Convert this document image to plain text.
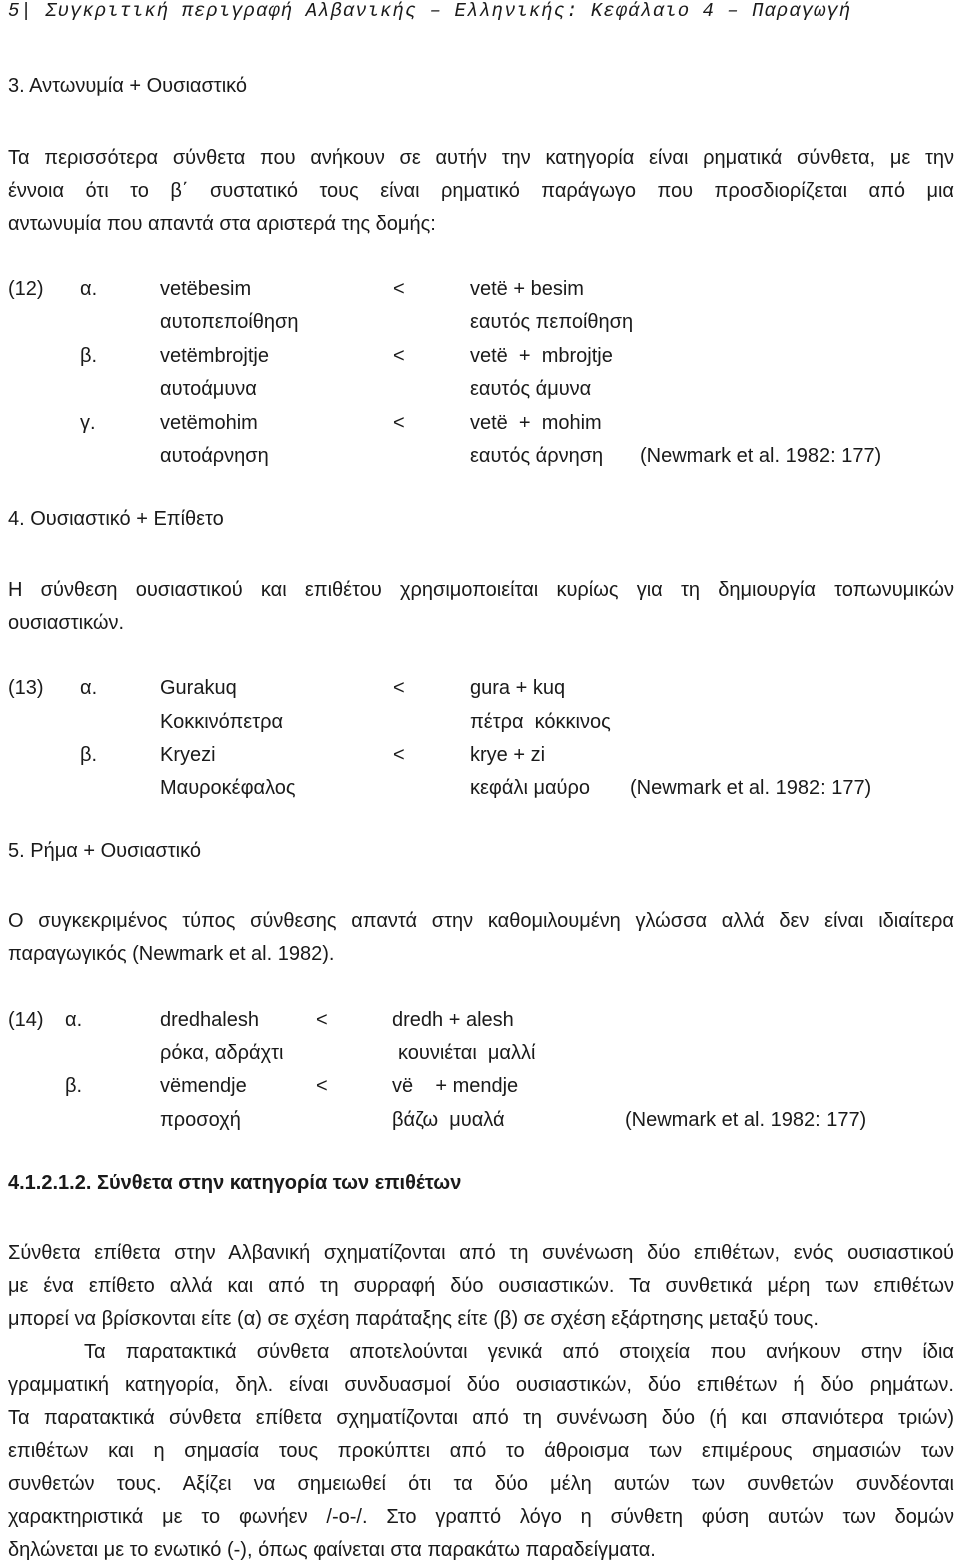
5| Συγκριτική περιγραφή Αλβανικής – Ελληνικής: Κεφάλαιο 4 – Παραγωγή
3. Αντωνυμία + Ουσιαστικό
Τα περισσότερα σύνθετα που ανήκουν σε αυτήν την κατηγορία είναι ρηματικά σύνθετα, με την
έννοια ότι το β΄ συστατικό τους είναι ρηματικό παράγωγο που προσδιορίζεται από μια
αντωνυμία που απαντά στα αριστερά της δομής:
(12) α.	vetëbesim	<	vetë + besim
αυτοπεποίθηση	εαυτός πεποίθηση
β.	vetëmbrojtje	<	vetë  +  mbrojtje
αυτοάμυνα	εαυτός άμυνα
γ.	vetëmohim	<	vetë  +  mohim
αυτοάρνηση	εαυτός άρνηση (Newmark et al. 1982: 177)
4. Ουσιαστικό + Επίθετο
Η σύνθεση ουσιαστικού και επιθέτου χρησιμοποιείται κυρίως για τη δημιουργία τοπωνυμικών
ουσιαστικών.
(13) α.	Gurakuq	<	gura + kuq
Κοκκινόπετρα	πέτρα  κόκκινος
β.	Kryezi	<	krye + zi
Μαυροκέφαλος	κεφάλι μαύρο (Newmark et al. 1982: 177)
5. Ρήμα + Ουσιαστικό
Ο συγκεκριμένος τύπος σύνθεσης απαντά στην καθομιλουμένη γλώσσα αλλά δεν είναι ιδιαίτερα
παραγωγικός (Newmark et al. 1982).
(14) α.	dredhalesh	<	dredh + alesh
ρόκα, αδράχτι	κουνιέται  μαλλί
β.	vëmendje	<	vë    + mendje
προσοχή	βάζω  μυαλά	(Newmark et al. 1982: 177)
4.1.2.1.2. Σύνθετα στην κατηγορία των επιθέτων
Σύνθετα επίθετα στην Αλβανική σχηματίζονται από τη συνένωση δύο επιθέτων, ενός ουσιαστικού
με ένα επίθετο αλλά και από τη συρραφή δύο ουσιαστικών. Τα συνθετικά μέρη των επιθέτων
μπορεί να βρίσκονται είτε (α) σε σχέση παράταξης είτε (β) σε σχέση εξάρτησης μεταξύ τους.
Τα παρατακτικά σύνθετα αποτελούνται γενικά από στοιχεία που ανήκουν στην ίδια
γραμματική κατηγορία, δηλ. είναι συνδυασμοί δύο ουσιαστικών, δύο επιθέτων ή δύο ρημάτων.
Τα παρατακτικά σύνθετα επίθετα σχηματίζονται από τη συνένωση δύο (ή και σπανιότερα τριών)
επιθέτων και η σημασία τους προκύπτει από το άθροισμα των επιμέρους σημασιών των
συνθετών τους. Αξίζει να σημειωθεί ότι τα δύο μέλη αυτών των συνθετών συνδέονται
χαρακτηριστικά με το φωνήεν /-ο-/. Στο γραπτό λόγο η σύνθετη φύση αυτών των δομών
δηλώνεται με το ενωτικό (-), όπως φαίνεται στα παρακάτω παραδείγματα.
